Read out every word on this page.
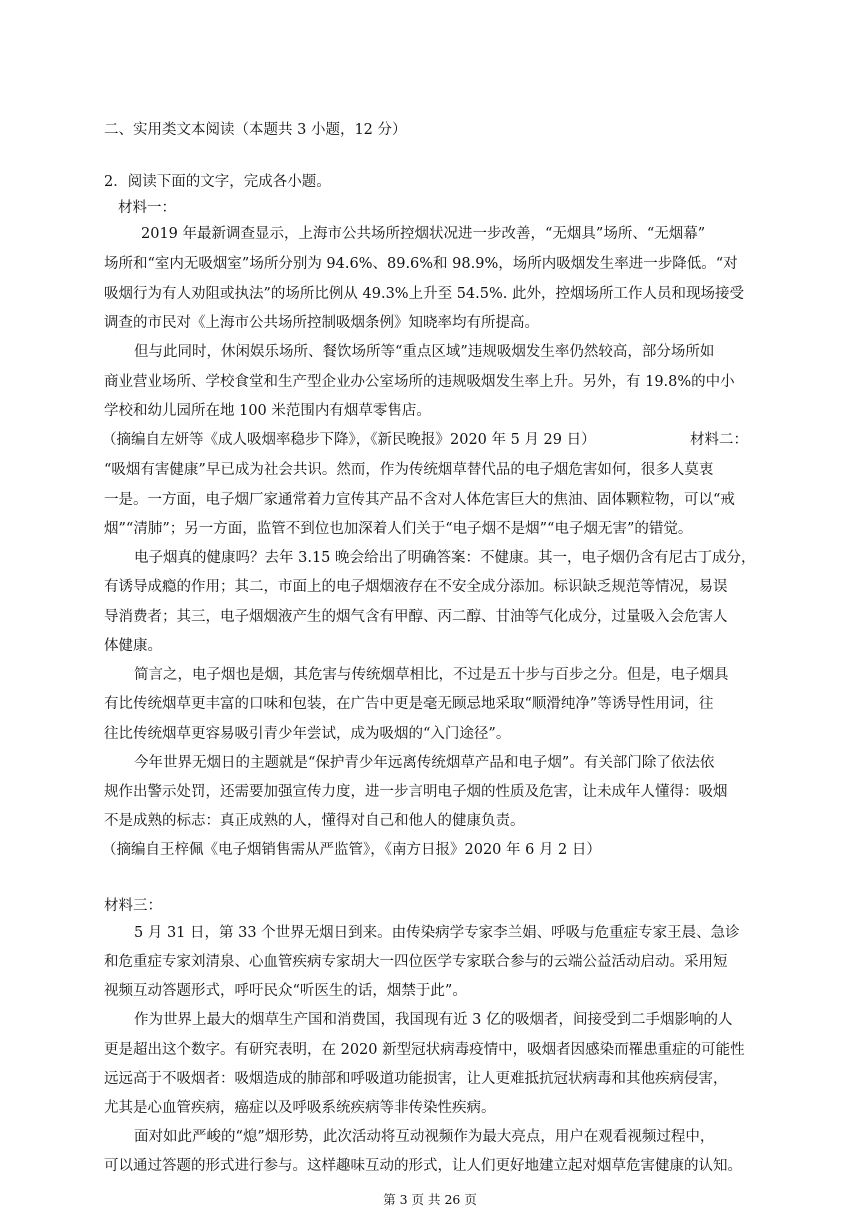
二、实用类文本阅读（本题共 3 小题，12 分）
2．阅读下面的文字，完成各小题。
材料一：
2019 年最新调查显示，上海市公共场所控烟状况进一步改善，“无烟具”场所、“无烟幕”
场所和“室内无吸烟室”场所分别为 94.6%、89.6%和 98.9%，场所内吸烟发生率进一步降低。“对
吸烟行为有人劝阻或执法”的场所比例从 49.3%上升至 54.5%. 此外，控烟场所工作人员和现场接受
调查的市民对《上海市公共场所控制吸烟条例》知晓率均有所提高。
但与此同时，休闲娱乐场所、餐饮场所等“重点区域”违规吸烟发生率仍然较高，部分场所如
商业营业场所、学校食堂和生产型企业办公室场所的违规吸烟发生率上升。另外，有 19.8%的中小
学校和幼儿园所在地 100 米范围内有烟草零售店。
（摘编自左妍等《成人吸烟率稳步下降》，《新民晚报》2020 年 5 月 29 日）	材料二：
“吸烟有害健康”早已成为社会共识。然而，作为传统烟草替代品的电子烟危害如何，很多人莫衷
一是。一方面，电子烟厂家通常着力宣传其产品不含对人体危害巨大的焦油、固体颗粒物，可以“戒
烟”“清肺”；另一方面，监管不到位也加深着人们关于“电子烟不是烟”“电子烟无害”的错觉。
电子烟真的健康吗？去年 3.15 晚会给出了明确答案：不健康。其一，电子烟仍含有尼古丁成分，
有诱导成瘾的作用；其二，市面上的电子烟烟液存在不安全成分添加。标识缺乏规范等情况，易误
导消费者；其三，电子烟烟液产生的烟气含有甲醇、丙二醇、甘油等气化成分，过量吸入会危害人
体健康。
简言之，电子烟也是烟，其危害与传统烟草相比，不过是五十步与百步之分。但是，电子烟具
有比传统烟草更丰富的口味和包装，在广告中更是毫无顾忌地采取“顺滑纯净”等诱导性用词，往
往比传统烟草更容易吸引青少年尝试，成为吸烟的“入门途径”。
今年世界无烟日的主题就是“保护青少年远离传统烟草产品和电子烟”。有关部门除了依法依
规作出警示处罚，还需要加强宣传力度，进一步言明电子烟的性质及危害，让未成年人懂得：吸烟
不是成熟的标志：真正成熟的人，懂得对自己和他人的健康负责。
（摘编自王梓佩《电子烟销售需从严监管》，《南方日报》2020 年 6 月 2 日）
材料三：
5 月 31 日，第 33 个世界无烟日到来。由传染病学专家李兰娟、呼吸与危重症专家王晨、急诊
和危重症专家刘清泉、心血管疾病专家胡大一四位医学专家联合参与的云端公益活动启动。采用短
视频互动答题形式，呼吁民众“听医生的话，烟禁于此”。
作为世界上最大的烟草生产国和消费国，我国现有近 3 亿的吸烟者，间接受到二手烟影响的人
更是超出这个数字。有研究表明，在 2020 新型冠状病毒疫情中，吸烟者因感染而罹患重症的可能性
远远高于不吸烟者：吸烟造成的肺部和呼吸道功能损害，让人更难抵抗冠状病毒和其他疾病侵害，
尤其是心血管疾病，癌症以及呼吸系统疾病等非传染性疾病。
面对如此严峻的“熄”烟形势，此次活动将互动视频作为最大亮点，用户在观看视频过程中，
可以通过答题的形式进行参与。这样趣味互动的形式，让人们更好地建立起对烟草危害健康的认知。
第 3 页 共 26 页
